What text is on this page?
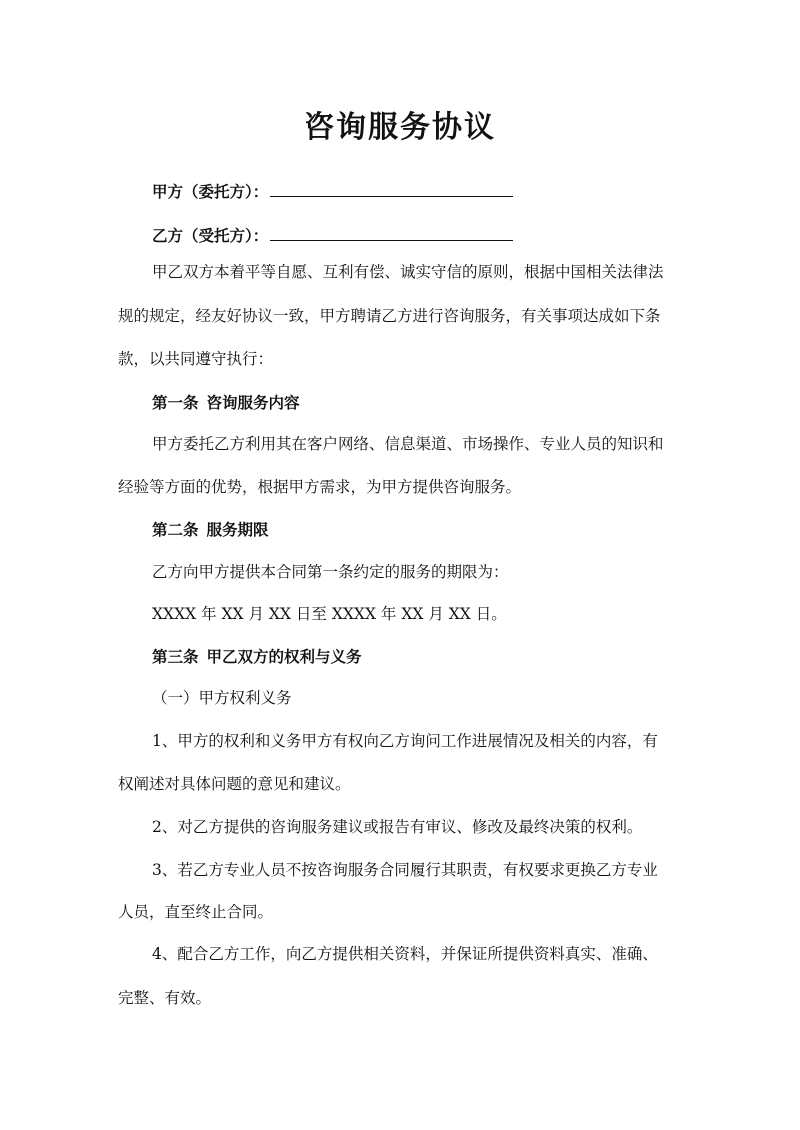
咨询服务协议
甲方（委托方）：
乙方（受托方）：
甲乙双方本着平等自愿、互利有偿、诚实守信的原则，根据中国相关法律法
规的规定，经友好协议一致，甲方聘请乙方进行咨询服务，有关事项达成如下条
款，以共同遵守执行：
第一条 咨询服务内容
甲方委托乙方利用其在客户网络、信息渠道、市场操作、专业人员的知识和
经验等方面的优势，根据甲方需求，为甲方提供咨询服务。
第二条 服务期限
乙方向甲方提供本合同第一条约定的服务的期限为：
XXXX 年 XX 月 XX 日至 XXXX 年 XX 月 XX 日。
第三条 甲乙双方的权利与义务
（一）甲方权利义务
1、甲方的权利和义务甲方有权向乙方询问工作进展情况及相关的内容，有
权阐述对具体问题的意见和建议。
2、对乙方提供的咨询服务建议或报告有审议、修改及最终决策的权利。
3、若乙方专业人员不按咨询服务合同履行其职责，有权要求更换乙方专业
人员，直至终止合同。
4、配合乙方工作，向乙方提供相关资料，并保证所提供资料真实、准确、
完整、有效。
